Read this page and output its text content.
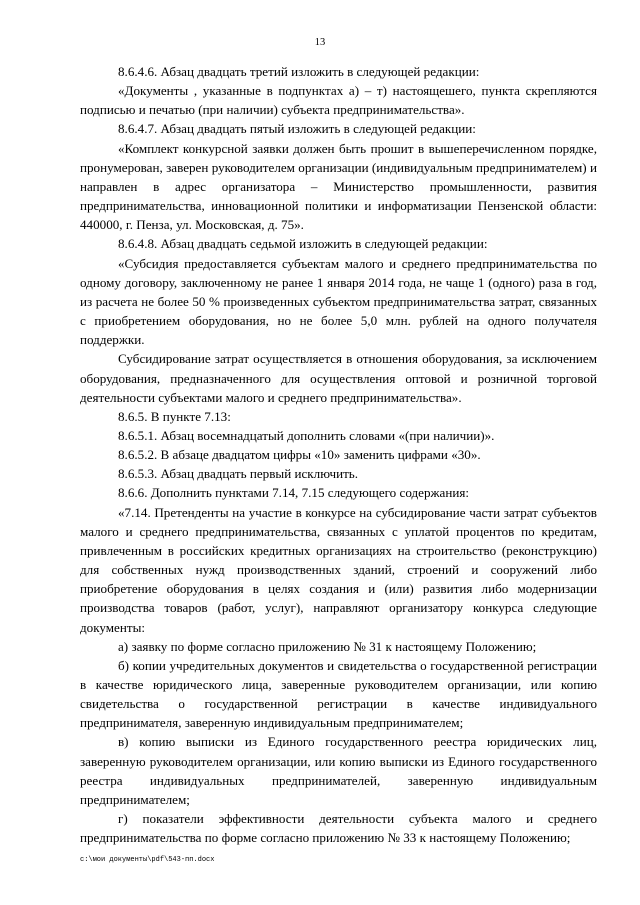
13

8.6.4.6. Абзац двадцать третий изложить в следующей редакции:

«Документы , указанные в подпунктах а) – т) настоящешего, пункта скрепляются подписью и печатью (при наличии) субъекта предпринимательства».

8.6.4.7. Абзац двадцать пятый изложить в следующей редакции:

«Комплект конкурсной заявки должен быть прошит в вышеперечисленном порядке, пронумерован, заверен руководителем организации (индивидуальным предпринимателем) и направлен в адрес организатора – Министерство промышленности, развития предпринимательства, инновационной политики и информатизации Пензенской области: 440000, г. Пенза, ул. Московская, д. 75».

8.6.4.8. Абзац двадцать седьмой изложить в следующей редакции:

«Субсидия предоставляется субъектам малого и среднего предпринимательства по одному договору, заключенному не ранее 1 января 2014 года, не чаще 1 (одного) раза в год, из расчета не более 50 % произведенных субъектом предпринимательства затрат, связанных с приобретением оборудования, но не более 5,0 млн. рублей на одного получателя поддержки.

Субсидирование затрат осуществляется в отношения оборудования, за исключением оборудования, предназначенного для осуществления оптовой и розничной торговой деятельности субъектами малого и среднего предпринимательства».

8.6.5. В пункте 7.13:

8.6.5.1. Абзац восемнадцатый дополнить словами «(при наличии)».

8.6.5.2. В абзаце двадцатом цифры «10» заменить цифрами «30».

8.6.5.3. Абзац двадцать первый исключить.

8.6.6. Дополнить пунктами 7.14, 7.15 следующего содержания:

«7.14. Претенденты на участие в конкурсе на субсидирование части затрат субъектов малого и среднего предпринимательства, связанных с уплатой процентов по кредитам, привлеченным в российских кредитных организациях на строительство (реконструкцию) для собственных нужд производственных зданий, строений и сооружений либо приобретение оборудования в целях создания и (или) развития либо модернизации производства товаров (работ, услуг), направляют организатору конкурса следующие документы:

а) заявку по форме согласно приложению № 31 к настоящему Положению;

б) копии учредительных документов и свидетельства о государственной регистрации в качестве юридического лица, заверенные руководителем организации, или копию свидетельства о государственной регистрации в качестве индивидуального предпринимателя, заверенную индивидуальным предпринимателем;

в) копию выписки из Единого государственного реестра юридических лиц, заверенную руководителем организации, или копию выписки из Единого государственного реестра индивидуальных предпринимателей, заверенную индивидуальным предпринимателем;

г) показатели эффективности деятельности субъекта малого и среднего предпринимательства по форме согласно приложению № 33 к настоящему Положению;

c:\мои документы\pdf\543-пп.docx
